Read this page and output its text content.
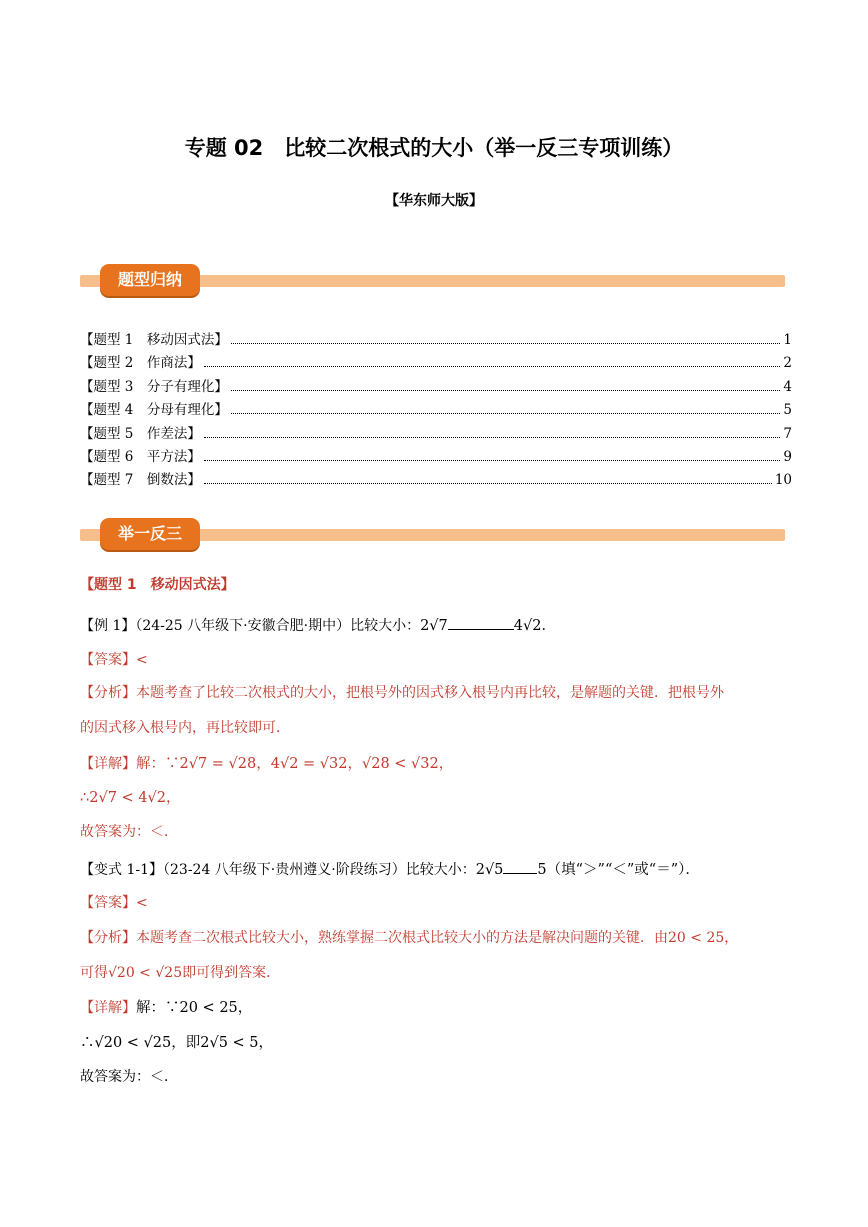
专题 02　比较二次根式的大小（举一反三专项训练）
【华东师大版】
题型归纳
【题型 1　移动因式法】	1
【题型 2　作商法】	2
【题型 3　分子有理化】	4
【题型 4　分母有理化】	5
【题型 5　作差法】	7
【题型 6　平方法】	9
【题型 7　倒数法】	10
举一反三
【题型 1　移动因式法】
【例 1】（24-25 八年级下·安徽合肥·期中）比较大小：2√7	4√2．
【答案】<
【分析】本题考查了比较二次根式的大小，把根号外的因式移入根号内再比较，是解题的关键．把根号外
的因式移入根号内，再比较即可．
【详解】解：∵2√7 = √28，4√2 = √32，√28 < √32，
∴2√7 < 4√2，
故答案为：＜．
【变式 1-1】（23-24 八年级下·贵州遵义·阶段练习）比较大小：2√5 5（填“＞”“＜”或“＝”）．
【答案】<
【分析】本题考查二次根式比较大小，熟练掌握二次根式比较大小的方法是解决问题的关键．由20 < 25，
可得√20 < √25即可得到答案．
【详解】解：∵20 < 25，
∴√20 < √25，即2√5 < 5，
故答案为：＜．
